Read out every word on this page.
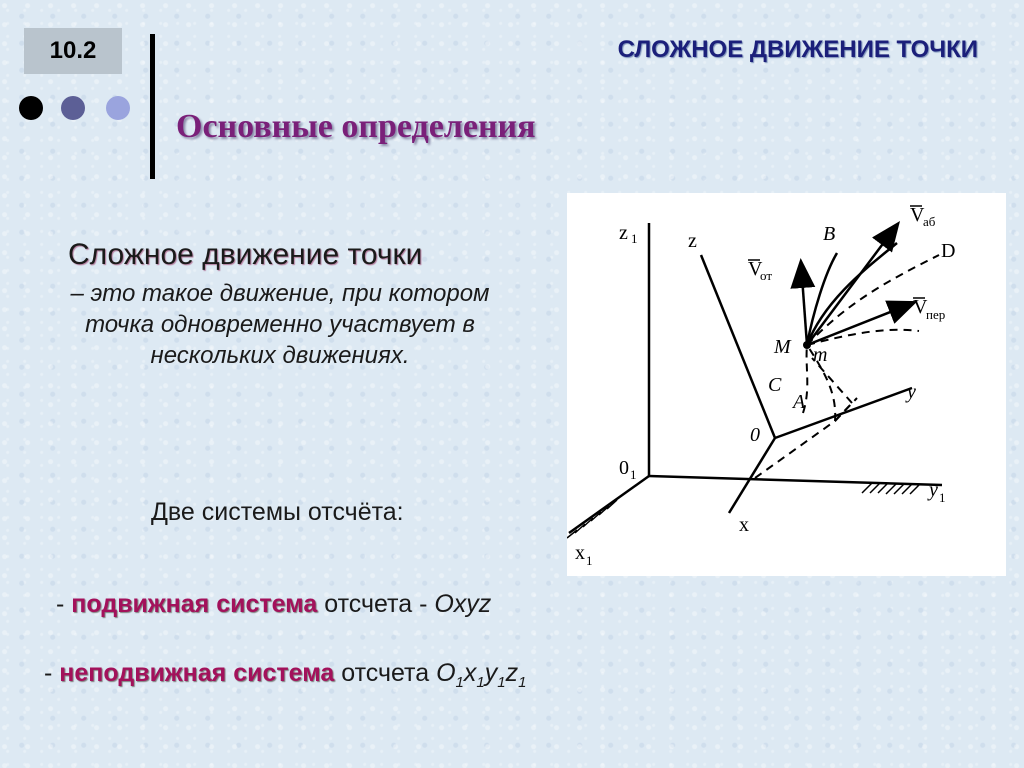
10.2	СЛОЖНОЕ ДВИЖЕНИЕ ТОЧКИ
Основные определения
Сложное движение точки
– это такое движение, при котором точка одновременно участвует в нескольких движениях.
Две системы отсчёта:
- подвижная система отсчета - Oxyz
- неподвижная система отсчета $O_1x_1y_1z_1$
z 1	z
0 1
y 1
x 1
x
0
y
M m
B
D
C
A
V
аб
V
от
V
пер
